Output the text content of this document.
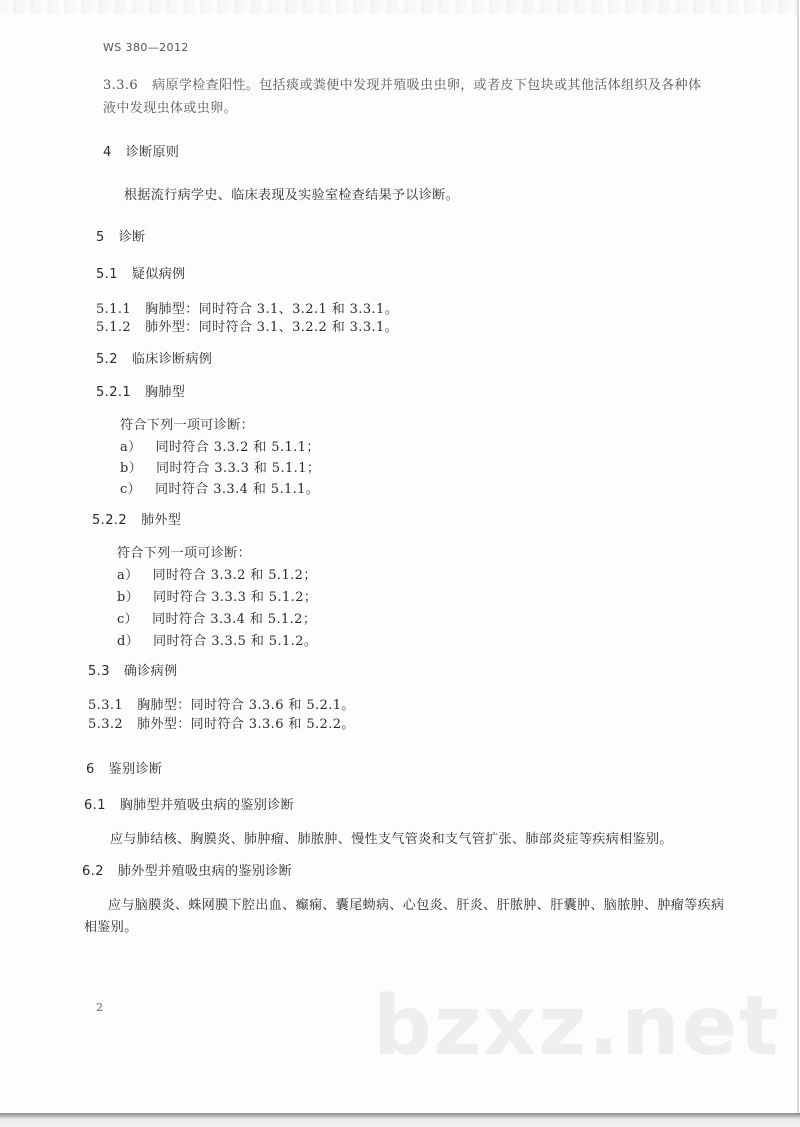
WS 380—2012
3.3.6 病原学检查阳性。包括痰或粪便中发现并殖吸虫虫卵，或者皮下包块或其他活体组织及各种体
液中发现虫体或虫卵。
4 诊断原则
根据流行病学史、临床表现及实验室检查结果予以诊断。
5 诊断
5.1 疑似病例
5.1.1 胸肺型：同时符合 3.1、3.2.1 和 3.3.1。
5.1.2 肺外型：同时符合 3.1、3.2.2 和 3.3.1。
5.2 临床诊断病例
5.2.1 胸肺型
符合下列一项可诊断：
a） 同时符合 3.3.2 和 5.1.1；
b） 同时符合 3.3.3 和 5.1.1；
c） 同时符合 3.3.4 和 5.1.1。
5.2.2 肺外型
符合下列一项可诊断：
a） 同时符合 3.3.2 和 5.1.2；
b） 同时符合 3.3.3 和 5.1.2；
c） 同时符合 3.3.4 和 5.1.2；
d） 同时符合 3.3.5 和 5.1.2。
5.3 确诊病例
5.3.1 胸肺型：同时符合 3.3.6 和 5.2.1。
5.3.2 肺外型：同时符合 3.3.6 和 5.2.2。
6 鉴别诊断
6.1 胸肺型并殖吸虫病的鉴别诊断
应与肺结核、胸膜炎、肺肿瘤、肺脓肿、慢性支气管炎和支气管扩张、肺部炎症等疾病相鉴别。
6.2 肺外型并殖吸虫病的鉴别诊断
应与脑膜炎、蛛网膜下腔出血、癫痫、囊尾蚴病、心包炎、肝炎、肝脓肿、肝囊肿、脑脓肿、肿瘤等疾病
相鉴别。
2	bzxz.net
